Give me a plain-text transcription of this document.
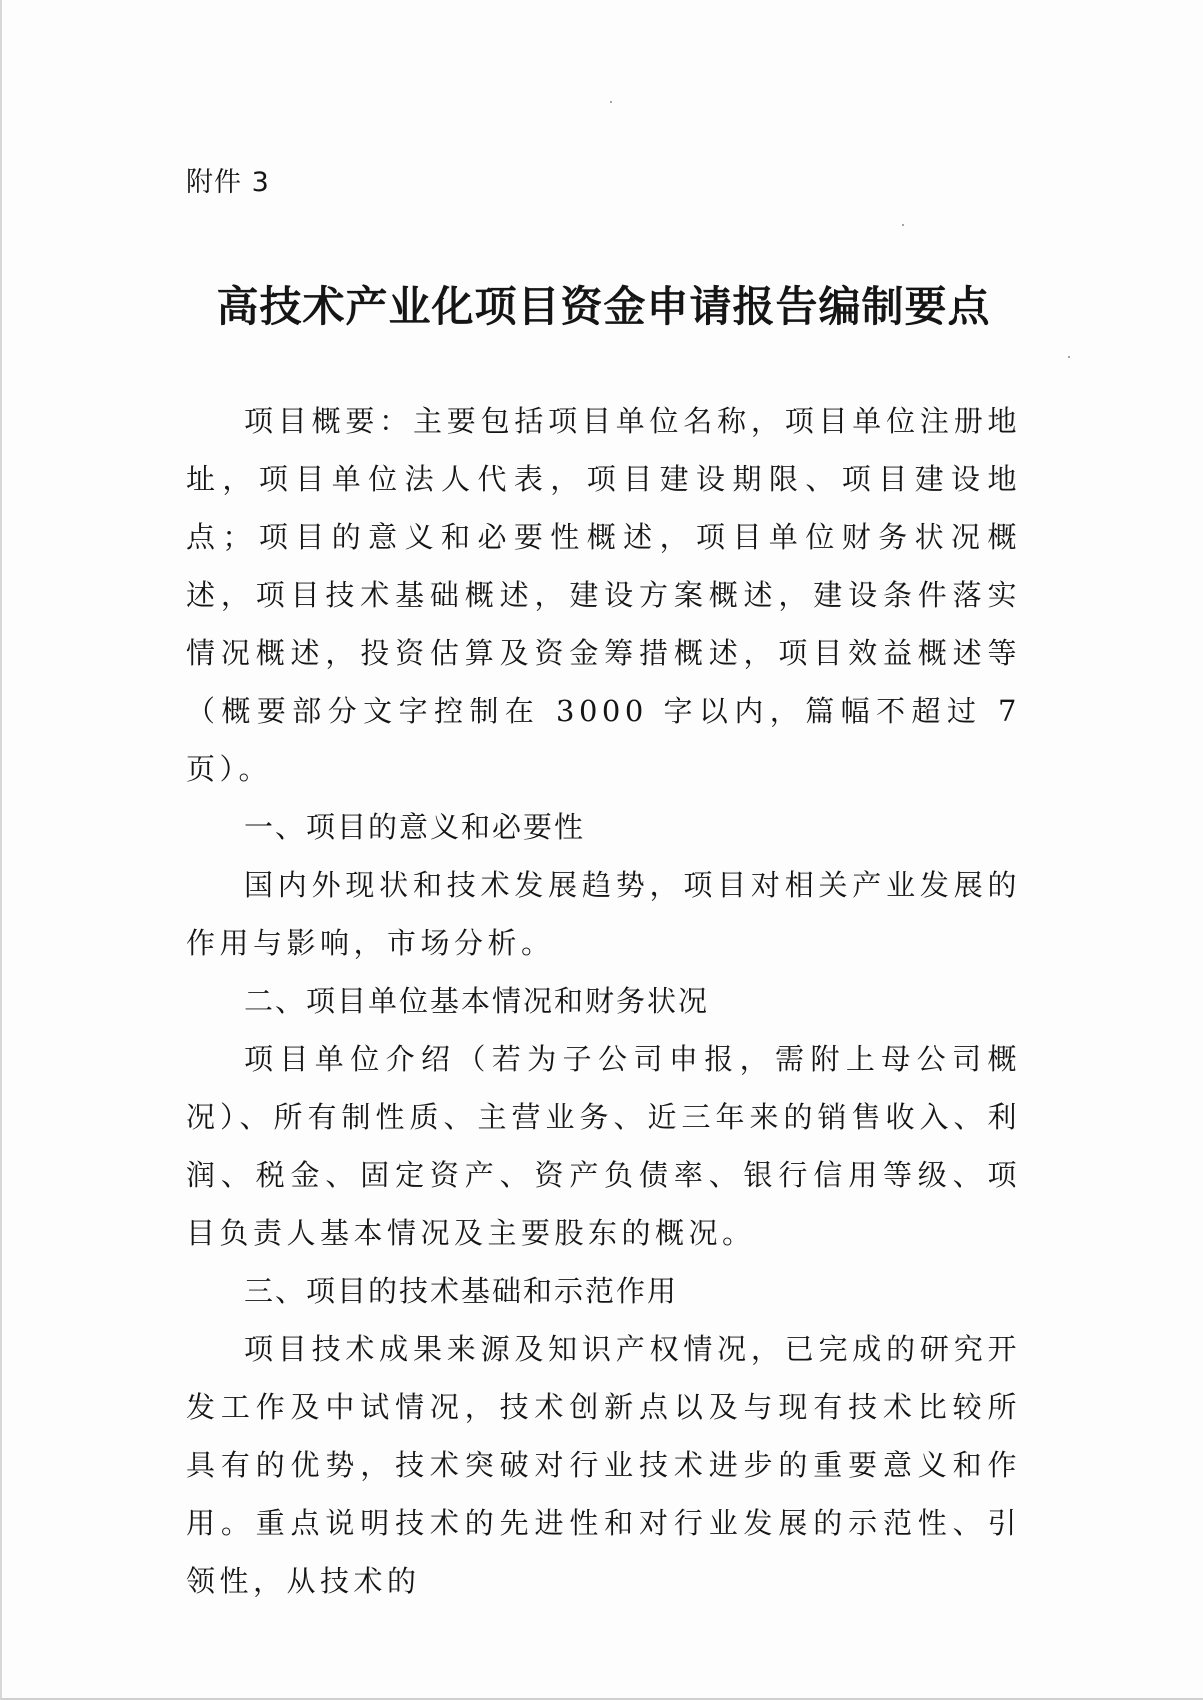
附件 3
高技术产业化项目资金申请报告编制要点

项目概要：主要包括项目单位名称，项目单位注册地址，项目单位法人代表，项目建设期限、项目建设地点；项目的意义和必要性概述，项目单位财务状况概述，项目技术基础概述，建设方案概述，建设条件落实情况概述，投资估算及资金筹措概述，项目效益概述等（概要部分文字控制在 3000 字以内，篇幅不超过 7 页）。

一、项目的意义和必要性

国内外现状和技术发展趋势，项目对相关产业发展的作用与影响，市场分析。

二、项目单位基本情况和财务状况

项目单位介绍（若为子公司申报，需附上母公司概况）、所有制性质、主营业务、近三年来的销售收入、利润、税金、固定资产、资产负债率、银行信用等级、项目负责人基本情况及主要股东的概况。

三、项目的技术基础和示范作用

项目技术成果来源及知识产权情况，已完成的研究开发工作及中试情况，技术创新点以及与现有技术比较所具有的优势，技术突破对行业技术进步的重要意义和作用。重点说明技术的先进性和对行业发展的示范性、引领性，从技术的
